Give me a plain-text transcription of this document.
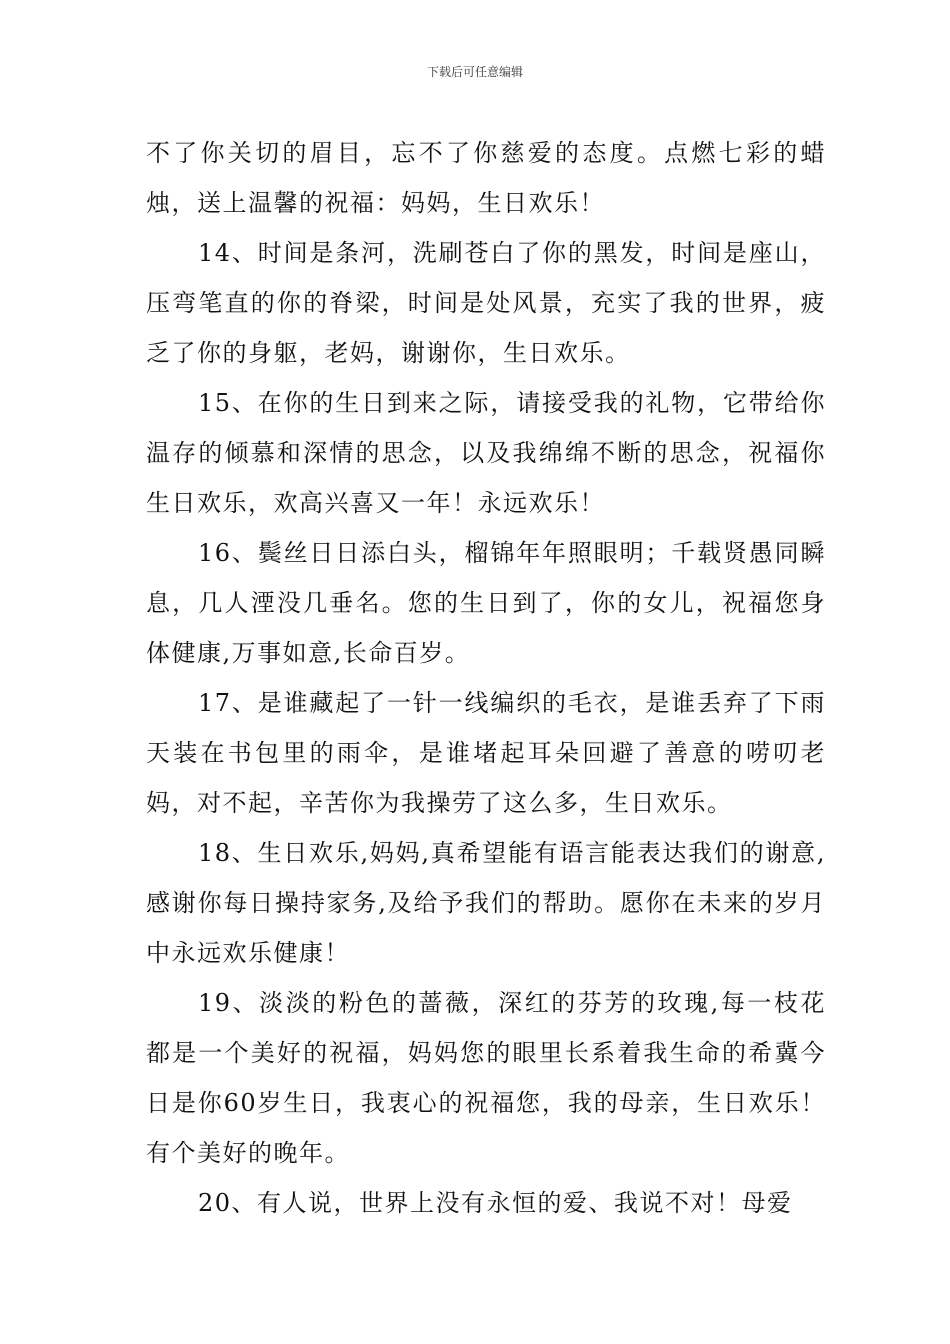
下载后可任意编辑

不了你关切的眉目，忘不了你慈爱的态度。点燃七彩的蜡烛，送上温馨的祝福：妈妈，生日欢乐！

14、时间是条河，洗刷苍白了你的黑发，时间是座山，压弯笔直的你的脊梁，时间是处风景，充实了我的世界，疲乏了你的身躯，老妈，谢谢你，生日欢乐。

15、在你的生日到来之际，请接受我的礼物，它带给你温存的倾慕和深情的思念，以及我绵绵不断的思念，祝福你生日欢乐，欢高兴喜又一年！永远欢乐！

16、鬓丝日日添白头，榴锦年年照眼明；千载贤愚同瞬息，几人湮没几垂名。您的生日到了，你的女儿，祝福您身体健康,万事如意,长命百岁。

17、是谁藏起了一针一线编织的毛衣，是谁丢弃了下雨天装在书包里的雨伞，是谁堵起耳朵回避了善意的唠叨老妈，对不起，辛苦你为我操劳了这么多，生日欢乐。

18、生日欢乐,妈妈,真希望能有语言能表达我们的谢意,感谢你每日操持家务,及给予我们的帮助。愿你在未来的岁月中永远欢乐健康！

19、淡淡的粉色的蔷薇，深红的芬芳的玫瑰,每一枝花都是一个美好的祝福，妈妈您的眼里长系着我生命的希冀今日是你60岁生日，我衷心的祝福您，我的母亲，生日欢乐！有个美好的晚年。

20、有人说，世界上没有永恒的爱、我说不对！母爱
